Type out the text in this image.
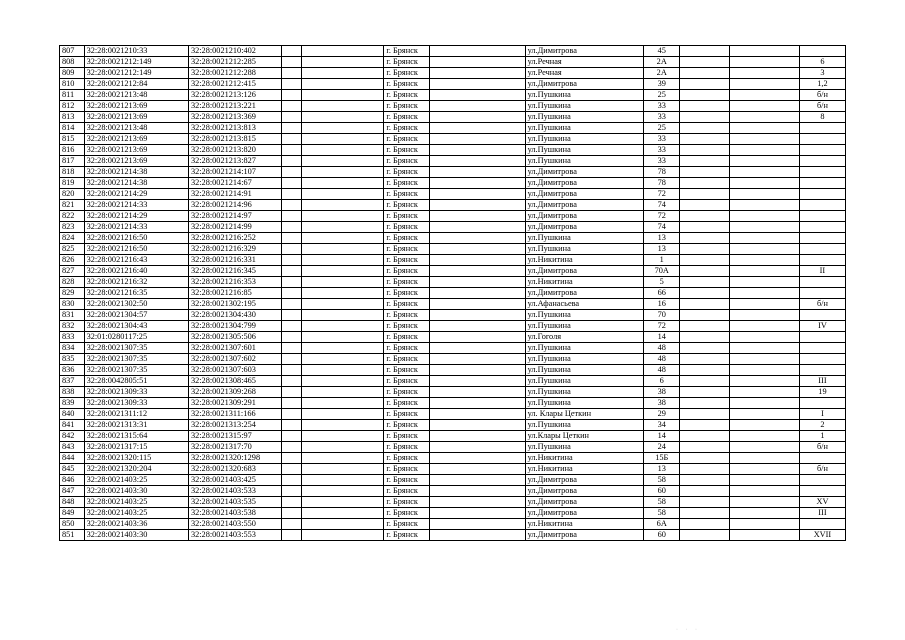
807	32:28:0021210:33	32:28:0021210:402			г. Брянск		ул.Димитрова	45			
808	32:28:0021212:149	32:28:0021212:285			г. Брянск		ул.Речная	2А			6
809	32:28:0021212:149	32:28:0021212:288			г. Брянск		ул.Речная	2А			3
810	32:28:0021212:84	32:28:0021212:415			г. Брянск		ул.Димитрова	39			1,2
811	32:28:0021213:48	32:28:0021213:126			г. Брянск		ул.Пушкина	25			б/н
812	32:28:0021213:69	32:28:0021213:221			г. Брянск		ул.Пушкина	33			б/н
813	32:28:0021213:69	32:28:0021213:369			г. Брянск		ул.Пушкина	33			8
814	32:28:0021213:48	32:28:0021213:813			г. Брянск		ул.Пушкина	25			
815	32:28:0021213:69	32:28:0021213:815			г. Брянск		ул.Пушкина	33			
816	32:28:0021213:69	32:28:0021213:820			г. Брянск		ул.Пушкина	33			
817	32:28:0021213:69	32:28:0021213:827			г. Брянск		ул.Пушкина	33			
818	32:28:0021214:38	32:28:0021214:107			г. Брянск		ул.Димитрова	78			
819	32:28:0021214:38	32:28:0021214:67			г. Брянск		ул.Димитрова	78			
820	32:28:0021214:29	32:28:0021214:91			г. Брянск		ул.Димитрова	72			
821	32:28:0021214:33	32:28:0021214:96			г. Брянск		ул.Димитрова	74			
822	32:28:0021214:29	32:28:0021214:97			г. Брянск		ул.Димитрова	72			
823	32:28:0021214:33	32:28:0021214:99			г. Брянск		ул.Димитрова	74			
824	32:28:0021216:50	32:28:0021216:252			г. Брянск		ул.Пушкина	13			
825	32:28:0021216:50	32:28:0021216:329			г. Брянск		ул.Пушкина	13			
826	32:28:0021216:43	32:28:0021216:331			г. Брянск		ул.Никитина	1			
827	32:28:0021216:40	32:28:0021216:345			г. Брянск		ул.Димитрова	70А			II
828	32:28:0021216:32	32:28:0021216:353			г. Брянск		ул.Никитина	5			
829	32:28:0021216:35	32:28:0021216:85			г. Брянск		ул.Димитрова	66			
830	32:28:0021302:50	32:28:0021302:195			г. Брянск		ул.Афанасьева	16			б/н
831	32:28:0021304:57	32:28:0021304:430			г. Брянск		ул.Пушкина	70			
832	32:28:0021304:43	32:28:0021304:799			г. Брянск		ул.Пушкина	72			IV
833	32:01:0280117:25	32:28:0021305:506			г. Брянск		ул.Гоголя	14			
834	32:28:0021307:35	32:28:0021307:601			г. Брянск		ул.Пушкина	48			
835	32:28:0021307:35	32:28:0021307:602			г. Брянск		ул.Пушкина	48			
836	32:28:0021307:35	32:28:0021307:603			г. Брянск		ул.Пушкина	48			
837	32:28:0042805:51	32:28:0021308:465			г. Брянск		ул.Пушкина	6			III
838	32:28:0021309:33	32:28:0021309:268			г. Брянск		ул.Пушкина	38			19
839	32:28:0021309:33	32:28:0021309:291			г. Брянск		ул.Пушкина	38			
840	32:28:0021311:12	32:28:0021311:166			г. Брянск		ул. Клары Цеткин	29			I
841	32:28:0021313:31	32:28:0021313:254			г. Брянск		ул.Пушкина	34			2
842	32:28:0021315:64	32:28:0021315:97			г. Брянск		ул.Клары Цеткин	14			1
843	32:28:0021317:15	32:28:0021317:70			г. Брянск		ул.Пушкина	24			б/н
844	32:28:0021320:115	32:28:0021320:1298			г. Брянск		ул.Никитина	15Б			
845	32:28:0021320:204	32:28:0021320:683			г. Брянск		ул.Никитина	13			б/н
846	32:28:0021403:25	32:28:0021403:425			г. Брянск		ул.Димитрова	58			
847	32:28:0021403:30	32:28:0021403:533			г. Брянск		ул.Димитрова	60			
848	32:28:0021403:25	32:28:0021403:535			г. Брянск		ул.Димитрова	58			XV
849	32:28:0021403:25	32:28:0021403:538			г. Брянск		ул.Димитрова	58			III
850	32:28:0021403:36	32:28:0021403:550			г. Брянск		ул.Никитина	6А			
851	32:28:0021403:30	32:28:0021403:553			г. Брянск		ул.Димитрова	60			XVII
· · ·
